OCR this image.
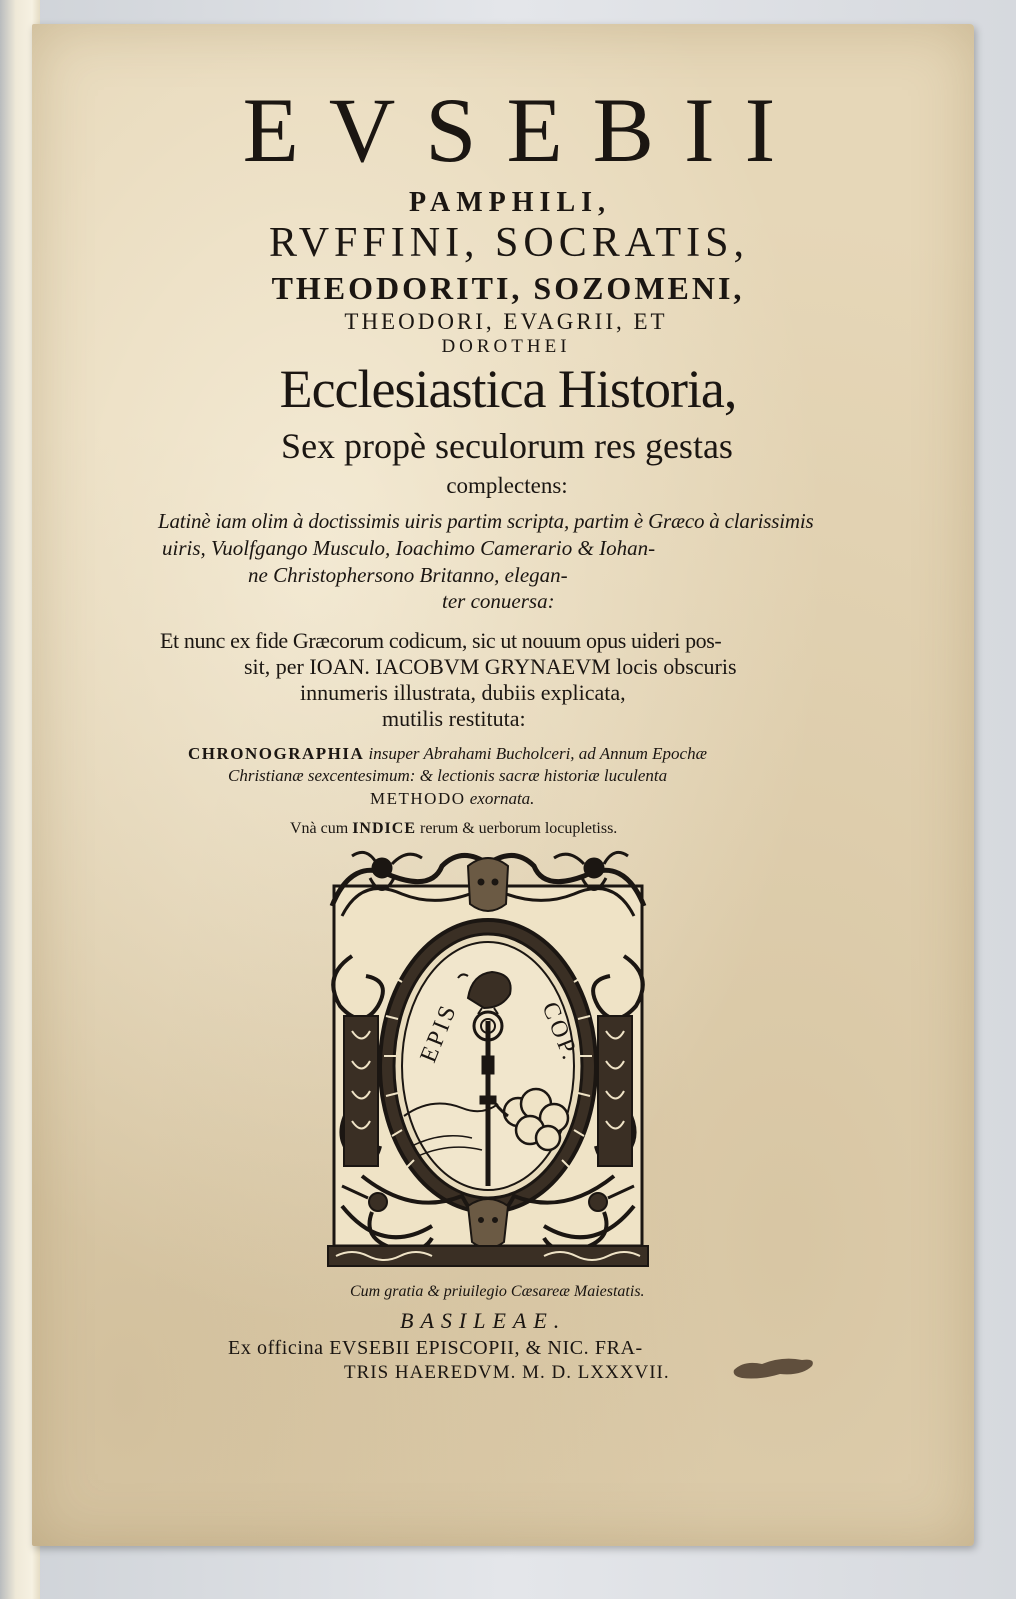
EVSEBII
PAMPHILI,
RVFFINI, SOCRATIS,
THEODORITI, SOZOMENI,
THEODORI, EVAGRII, ET
DOROTHEI
Ecclesiastica Historia,
Sex propè seculorum res gestas
complectens:
Latinè iam olim à doctissimis uiris partim scripta, partim è Græco à clarissimis
uiris, Vuolfgango Musculo, Ioachimo Camerario & Iohan-
ne Christophersono Britanno, elegan-
ter conuersa:
Et nunc ex fide Græcorum codicum, sic ut nouum opus uideri pos-
sit, per IOAN. IACOBVM GRYNAEVM locis obscuris
innumeris illustrata, dubiis explicata,
mutilis restituta:
CHRONOGRAPHIA insuper Abrahami Bucholceri, ad Annum Epochæ
Christianæ sexcentesimum: & lectionis sacræ historiæ luculenta
METHODO exornata.
Vnà cum INDICE rerum & uerborum locupletiss.
EPIS	COP.
Cum gratia & priuilegio Cæsareæ Maiestatis.
BASILEAE.
Ex officina EVSEBII EPISCOPII, & NIC. FRA-
TRIS HAEREDVM. M. D. LXXXVII.
